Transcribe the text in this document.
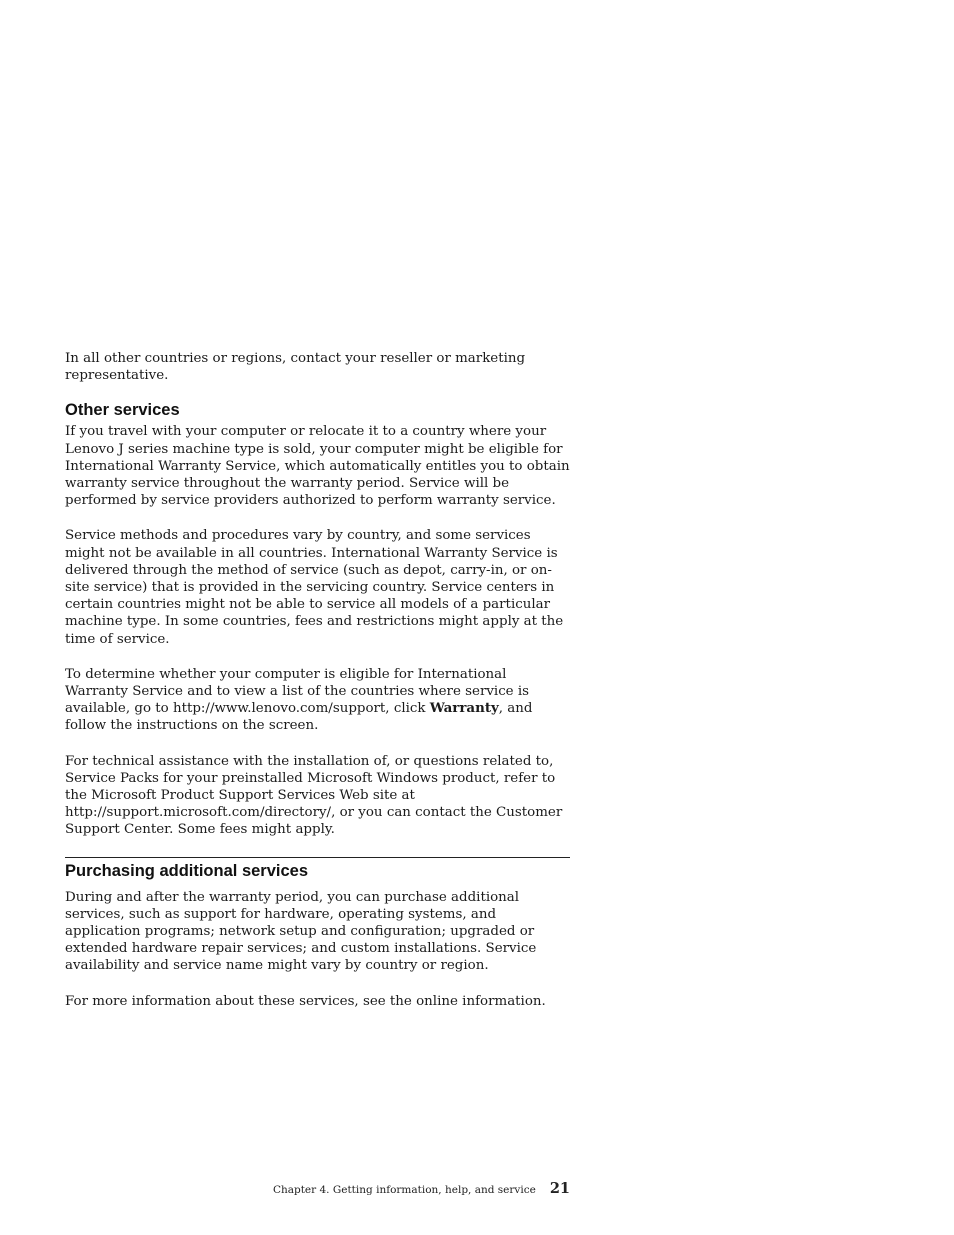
In all other countries or regions, contact your reseller or marketing representative.

Other services

If you travel with your computer or relocate it to a country where your Lenovo J series machine type is sold, your computer might be eligible for International Warranty Service, which automatically entitles you to obtain warranty service throughout the warranty period. Service will be performed by service providers authorized to perform warranty service.

Service methods and procedures vary by country, and some services might not be available in all countries. International Warranty Service is delivered through the method of service (such as depot, carry-in, or on-site service) that is provided in the servicing country. Service centers in certain countries might not be able to service all models of a particular machine type. In some countries, fees and restrictions might apply at the time of service.

To determine whether your computer is eligible for International Warranty Service and to view a list of the countries where service is available, go to http://www.lenovo.com/support, click Warranty, and follow the instructions on the screen.

For technical assistance with the installation of, or questions related to, Service Packs for your preinstalled Microsoft Windows product, refer to the Microsoft Product Support Services Web site at http://support.microsoft.com/directory/, or you can contact the Customer Support Center. Some fees might apply.

Purchasing additional services

During and after the warranty period, you can purchase additional services, such as support for hardware, operating systems, and application programs; network setup and configuration; upgraded or extended hardware repair services; and custom installations. Service availability and service name might vary by country or region.

For more information about these services, see the online information.

Chapter 4. Getting information, help, and service 21
